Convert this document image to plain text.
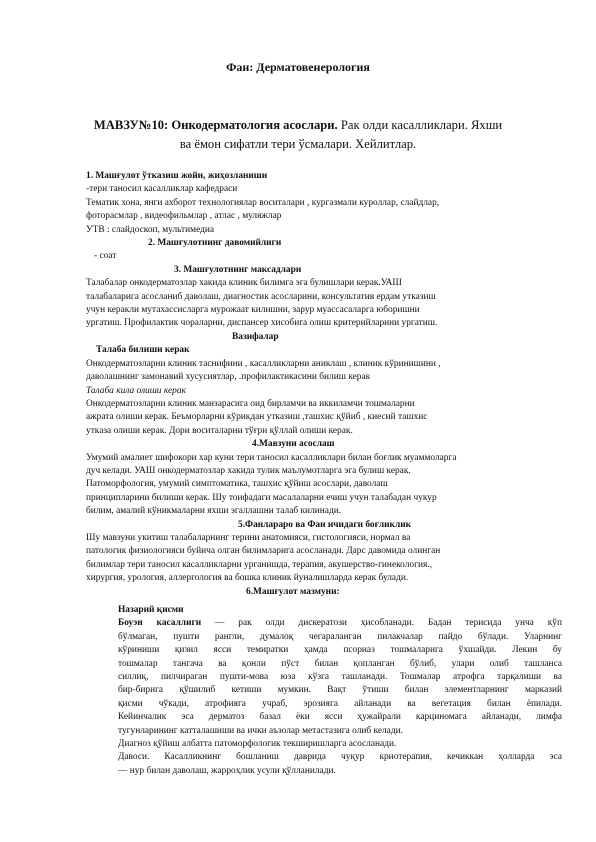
Фан: Дерматовенерология
МАВЗУ№10: Онкодерматология асослари. Рак олди касалликлари. Яхши
ва ёмон сифатли тери ўсмалари. Хейлитлар.
1. Машғулот ўтказиш жойи, жиҳозланиши
-тери таносил касалликлар кафедраси
Тематик хона, янги ахборот технологиялар воситалари , кургазмали куроллар, слайдлар,
фоторасмлар , видеофильмлар , атлас , муляжлар
УТВ : слайдоскоп, мультимедиа
2. Машғулотнинг давомийлиги
- соат
3. Машғулотнинг максадлари
Талабалар онкодерматозлар хакида клиник билимга эга булишлари керак.УАШ
талабаларига асосланиб даволаш, диагностик асосларини, консультатив ердам утказиш
учун керакли мутахассисларга мурожаат килишни, зарур муассасаларга юборишни
ургатиш. Профилактик чораларни, диспансер хисобига олиш критерийларини ургатиш.
Вазифалар
Талаба билиши керак
Онкодерматозларни клиник таснифини , касалликларни аниклаш , клиник кўринишини ,
даволашнинг замонавий хусусиятлар, .профилактикасини билиш керак
Талаба кила олиши керак
Онкодерматозларни клиник манзарасига оид бирламчи ва иккиламчи тошмаларни
ажрата олиши керак. Беъморларни кўрикдан утказиш ,ташхис қўйиб , киесий ташхис
утказа олиши керак. Дори воситаларни тўғри қўллай олиши керак.
4.Мавзуни асослаш
Умумий амалиет шифокори хар куни тери таносил касалликлари билан боғлик муаммоларга
дуч келади. УАШ онкодерматозлар хакида тулик маълумотларга эга булиш керак.
Патоморфология, умумий симптоматика, ташхис қўйиш асослари, даволаш
принципларини билиши керак. Шу тоифадаги масалаларни ечиш учун талабадан чукур
билим, амалий кўникмаларни яхши эгаллашни талаб килинади.
5.Фанлараро ва Фан ичидаги боғликлик
Шу мавзуни укитиш талабаларнинг терини анатомияси, гистологияси, нормал ва
патологик физиологияси буйича олган билимларига асосланади. Дарс давомида олинган
билимлар тери таносил касалликларни урганишда, терапия, акушерство-гинекология.,
хирургия, урология, аллергология ва бошка клиник йуналишларда керак булади.
6.Машғулот мазмуни:
Назарий қисми
Боуэн касаллиги — рак олди дискератози ҳисобланади. Бадан терисида унча кўп
бўлмаган, пушти рангли, думалоқ чегараланган пилакчалар пайдо бўлади. Уларнинг
кўриниши қизил ясси темиратки ҳамда псориаз тошмаларига ўхшайди. Лекин бу
тошмалар тангача ва қонли пўст билан қопланган бўлиб, улари олиб ташланса
силлиқ, пилчираган пушти-мова юза кўзга ташланади. Тошмалар атрофга тарқалиши ва
бир-бирига қўшилиб кетиши мумкин. Вақт ўтиши билан элементларнинг марказий
қисми чўкади, атрофияга учраб, эрозияга айланади ва вегетация билан ёпилади.
Кейинчалик эса дерматоз базал ёки ясси ҳужайрали карциномага айланади, лимфа
тугунларининг катталашиши ва ички аъзолар метастазига олиб келади.
Диагноз қўйиш албатта патоморфологик текширишларга асосланади.
Давоси. Касалликнинг бошланиш даврида чуқур криотерапия, кечиккан ҳолларда эса
— нур билан даволаш, жарроҳлик усули қўлланилади.
